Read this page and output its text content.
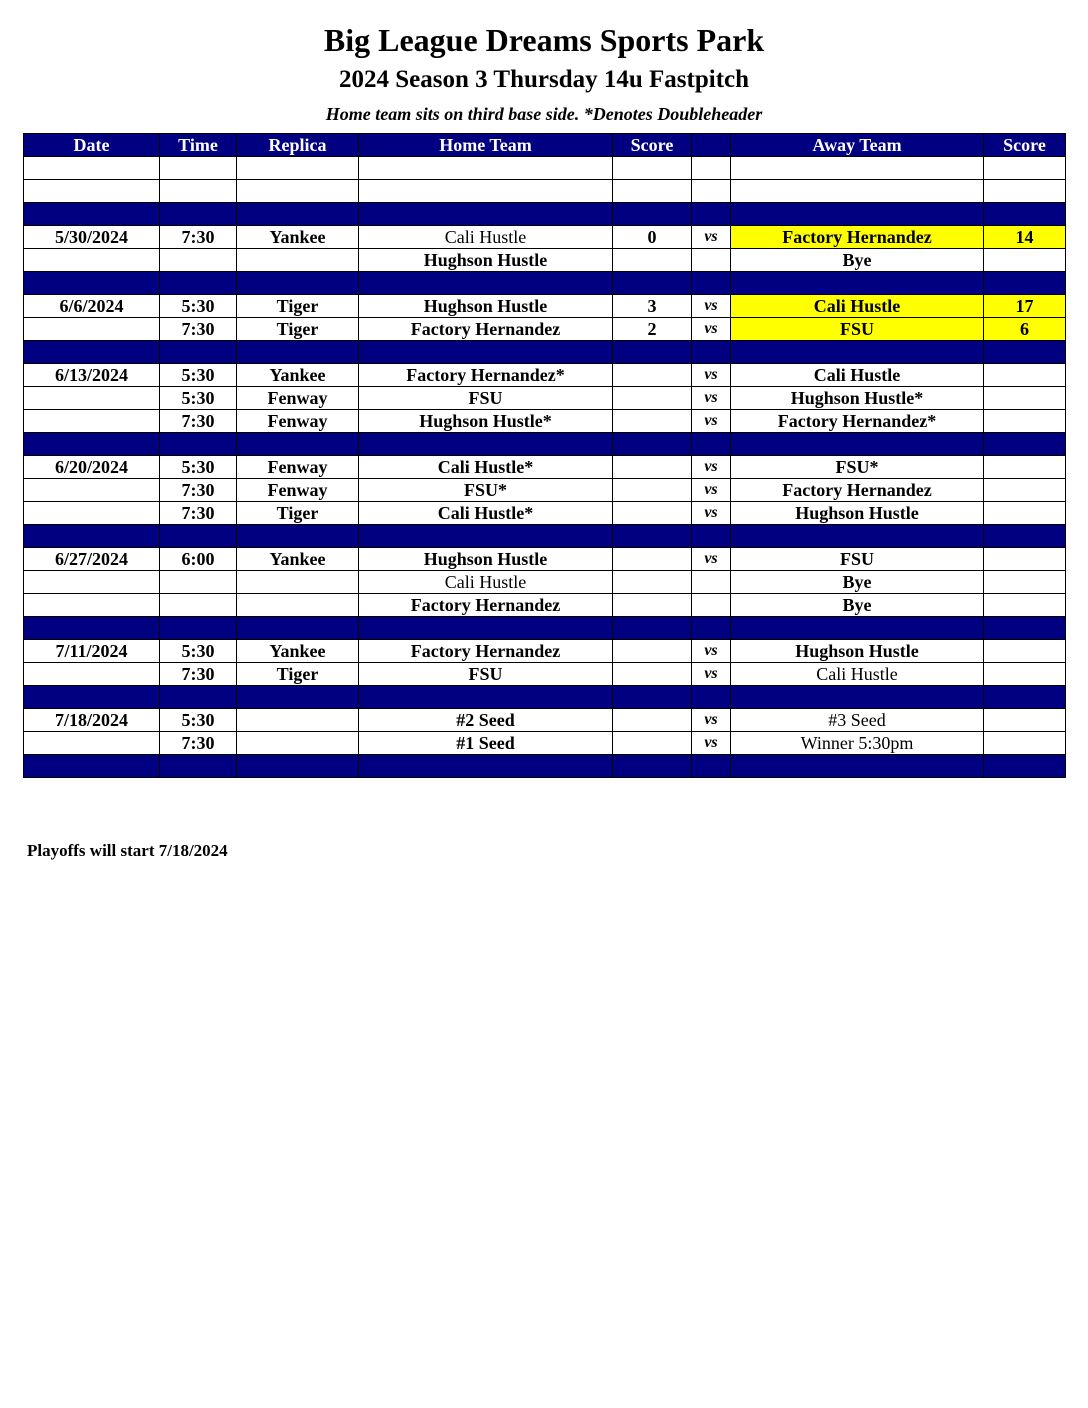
Big League Dreams Sports Park
2024 Season 3 Thursday 14u Fastpitch
Home team sits on third base side. *Denotes Doubleheader
Date	Time	Replica	Home Team	Score		Away Team	Score

5/30/2024	7:30	Yankee	Cali Hustle	0	vs	Factory Hernandez	14
			Hughson Hustle			Bye	

6/6/2024	5:30	Tiger	Hughson Hustle	3	vs	Cali Hustle	17
	7:30	Tiger	Factory Hernandez	2	vs	FSU	6

6/13/2024	5:30	Yankee	Factory Hernandez*		vs	Cali Hustle	
	5:30	Fenway	FSU		vs	Hughson Hustle*	
	7:30	Fenway	Hughson Hustle*		vs	Factory Hernandez*	

6/20/2024	5:30	Fenway	Cali Hustle*		vs	FSU*	
	7:30	Fenway	FSU*		vs	Factory Hernandez	
	7:30	Tiger	Cali Hustle*		vs	Hughson Hustle	

6/27/2024	6:00	Yankee	Hughson Hustle		vs	FSU	
			Cali Hustle			Bye	
			Factory Hernandez			Bye	

7/11/2024	5:30	Yankee	Factory Hernandez		vs	Hughson Hustle	
	7:30	Tiger	FSU		vs	Cali Hustle	

7/18/2024	5:30		#2 Seed		vs	#3 Seed	
	7:30		#1 Seed		vs	Winner 5:30pm	

Playoffs will start 7/18/2024
